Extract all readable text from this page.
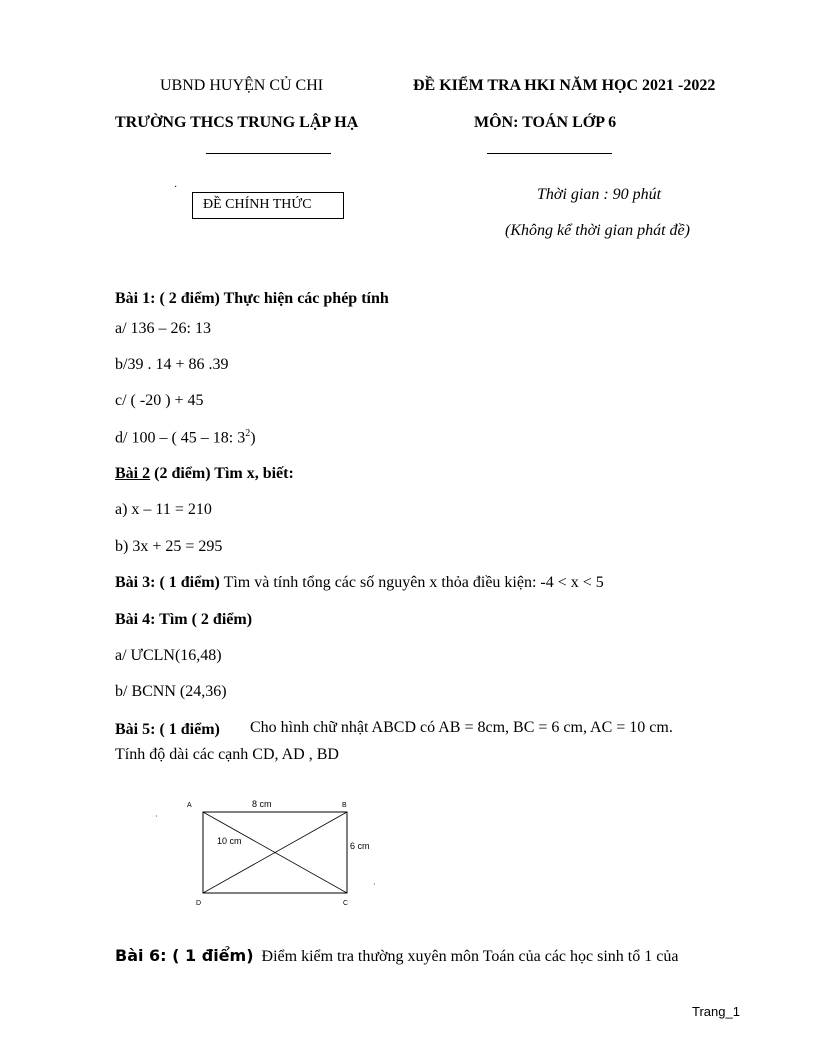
UBND HUYỆN CỦ CHI	ĐỀ KIỂM TRA HKI NĂM HỌC 2021 -2022
TRƯỜNG THCS TRUNG LẬP HẠ	MÔN: TOÁN LỚP 6
·
ĐỀ CHÍNH THỨC
Thời gian : 90 phút
(Không kể thời gian phát đề)
Bài 1: ( 2 điểm) Thực hiện các phép tính
a/ 136 – 26: 13
b/39 . 14 + 86 .39
c/ ( -20 ) + 45
d/ 100 – ( 45 – 18: $3^2$)
Bài 2 (2 điểm) Tìm x, biết:
a) x – 11 = 210
b) 3x + 25 = 295
Bài 3: ( 1 điểm) Tìm và tính tổng các số nguyên x thỏa điều kiện: -4 < x < 5
Bài 4: Tìm ( 2 điểm)
a/ ƯCLN(16,48)
b/ BCNN (24,36)
Bài 5: ( 1 điểm) Cho hình chữ nhật ABCD có AB = 8cm, BC = 6 cm, AC = 10 cm.
Tính độ dài các cạnh CD, AD , BD
A	B
C
D
8 cm
6 cm
10 cm
·
·
Bài 6: ( 1 điểm) Điểm kiểm tra thường xuyên môn Toán của các học sinh tổ 1 của
Trang_1
